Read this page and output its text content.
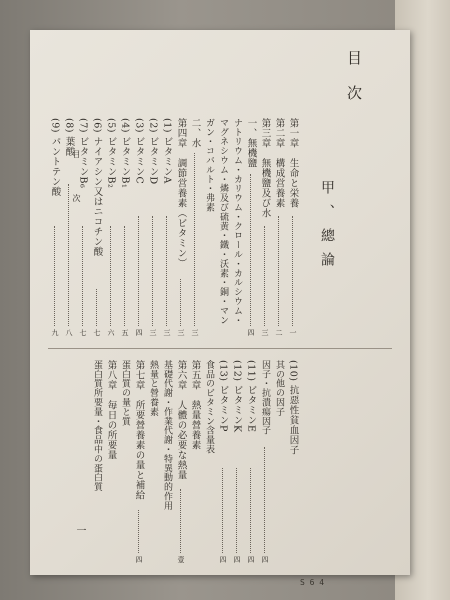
第一章　生命と栄養
一
第二章　構成営養素
二
第三章　無機鹽及び水
三
一、無機鹽
四
ナトリウム・カリウム・クロール・カルシウム・
マグネシウム・燐及び硫黄・鐵・沃素・銅・マン
ガン・コバルト・弗素
二、水
三
第四章　調節営養素（ビタミン）
三
(1) ビタミンA
三
(2) ビタミンD
三
(3) ビタミンC
四
(4) ビタミンB₁
五
(5) ビタミンB₂
六
(6) ナイアシン又はニコチン酸
七
(7) ビタミンB₆
七
(8) 葉酸
八
(9) パントテン酸
九
(10) 抗惡性貧血因子
其の他の因子
因子・抗潰瘍因子
四
(11) ビタミンE
四
(12) ビタミンK
四
(13) ビタミンP
四
食品のビタミン含量表
第五章　熱量營養素
第六章　人體の必要な熱量
壹
基礎代謝・作業代謝・特異動的作用
熱量と營養素
第七章　所要營養素の量と補給
四
蛋白質の量と質
第八章　毎日の所要量
蛋白質所要量・食品中の蛋白質
目次
甲、總論
目　次
一
S 6 4
